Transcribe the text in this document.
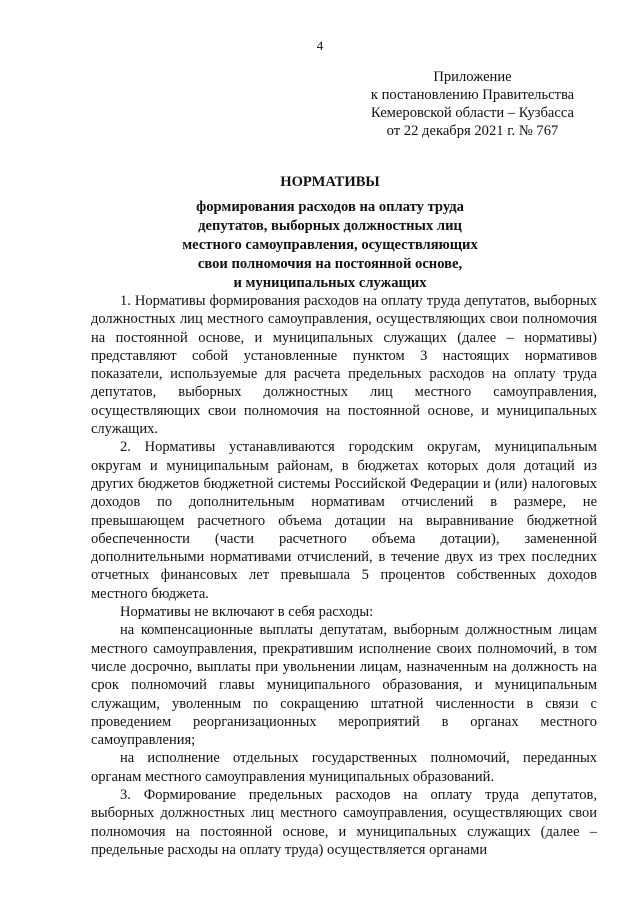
4
Приложение
к постановлению Правительства
Кемеровской области – Кузбасса
от 22 декабря 2021 г. № 767
НОРМАТИВЫ
формирования расходов на оплату труда
депутатов, выборных должностных лиц
местного самоуправления, осуществляющих
свои полномочия на постоянной основе,
и муниципальных служащих

1. Нормативы формирования расходов на оплату труда депутатов, выборных должностных лиц местного самоуправления, осуществляющих свои полномочия на постоянной основе, и муниципальных служащих (далее – нормативы) представляют собой установленные пунктом 3 настоящих нормативов показатели, используемые для расчета предельных расходов на оплату труда депутатов, выборных должностных лиц местного самоуправления, осуществляющих свои полномочия на постоянной основе, и муниципальных служащих.

2. Нормативы устанавливаются городским округам, муниципальным округам и муниципальным районам, в бюджетах которых доля дотаций из других бюджетов бюджетной системы Российской Федерации и (или) налоговых доходов по дополнительным нормативам отчислений в размере, не превышающем расчетного объема дотации на выравнивание бюджетной обеспеченности (части расчетного объема дотации), замененной дополнительными нормативами отчислений, в течение двух из трех последних отчетных финансовых лет превышала 5 процентов собственных доходов местного бюджета.

Нормативы не включают в себя расходы:

на компенсационные выплаты депутатам, выборным должностным лицам местного самоуправления, прекратившим исполнение своих полномочий, в том числе досрочно, выплаты при увольнении лицам, назначенным на должность на срок полномочий главы муниципального образования, и муниципальным служащим, уволенным по сокращению штатной численности в связи с проведением реорганизационных мероприятий в органах местного самоуправления;

на исполнение отдельных государственных полномочий, переданных органам местного самоуправления муниципальных образований.

3. Формирование предельных расходов на оплату труда депутатов, выборных должностных лиц местного самоуправления, осуществляющих свои полномочия на постоянной основе, и муниципальных служащих (далее – предельные расходы на оплату труда) осуществляется органами
